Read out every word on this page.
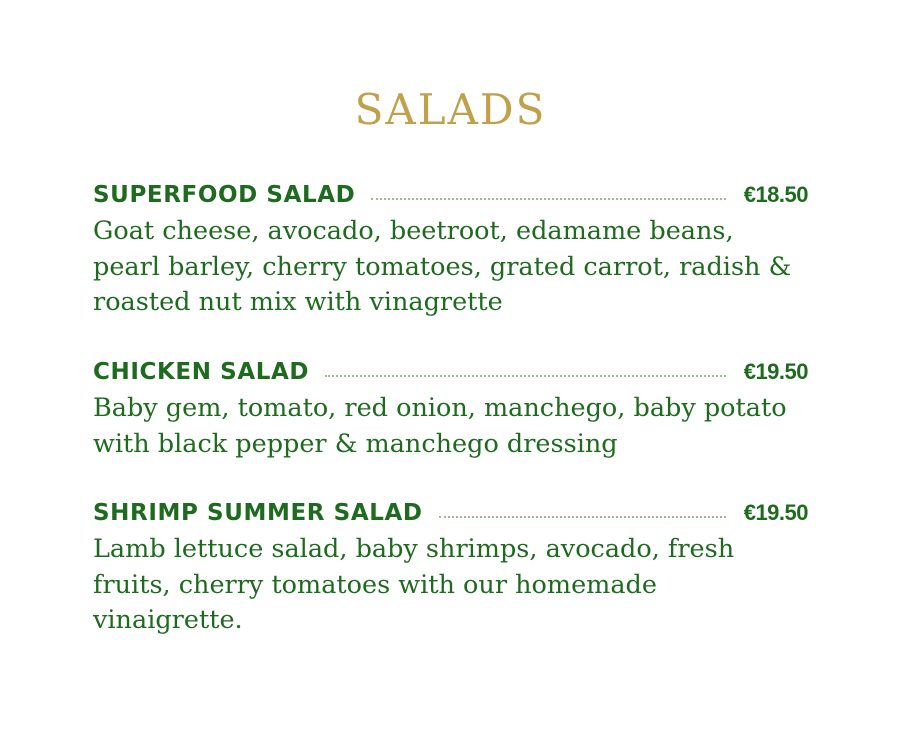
SALADS
SUPERFOOD SALAD	€18.50
Goat cheese, avocado, beetroot, edamame beans, pearl barley, cherry tomatoes, grated carrot, radish & roasted nut mix with vinagrette
CHICKEN SALAD	€19.50
Baby gem, tomato, red onion, manchego, baby potato with black pepper & manchego dressing
SHRIMP SUMMER SALAD	€19.50
Lamb lettuce salad, baby shrimps, avocado, fresh fruits, cherry tomatoes with our homemade vinaigrette.
